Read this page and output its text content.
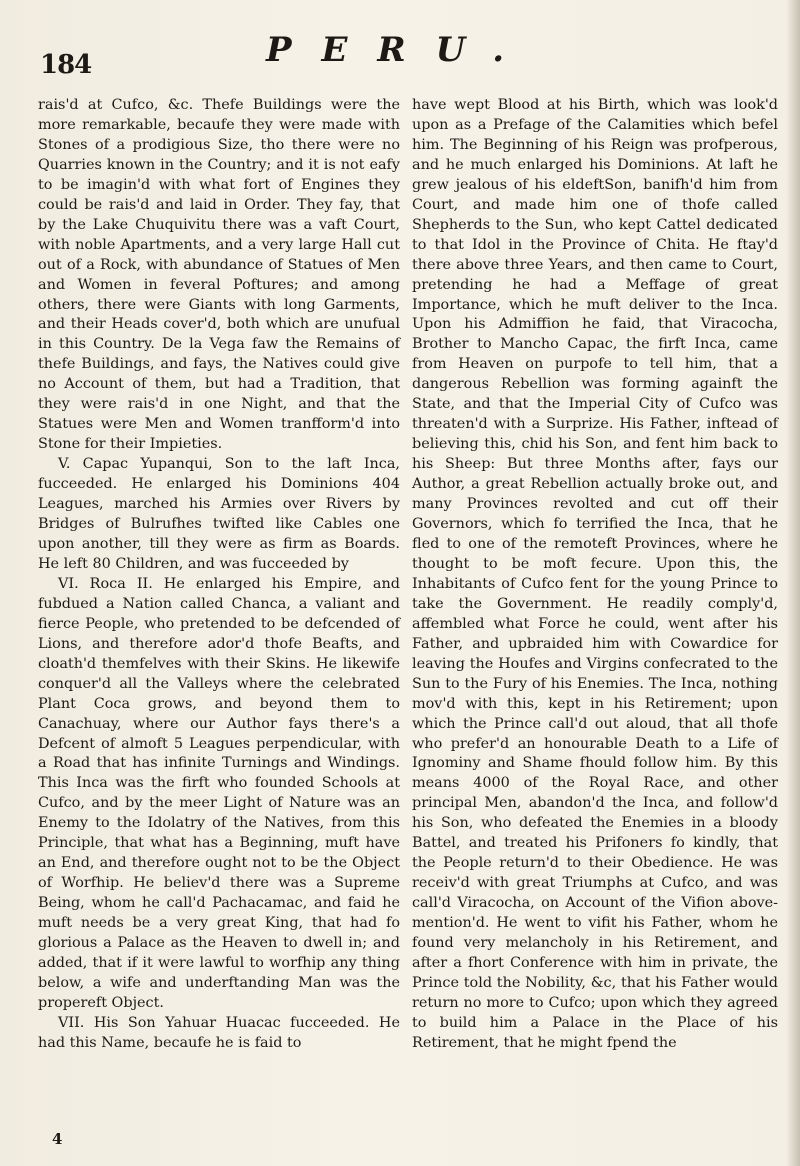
184	PERU.

rais'd at Cufco, &c. Thefe Buildings were the more remarkable, becaufe they were made with Stones of a prodigious Size, tho there were no Quarries known in the Country; and it is not eafy to be imagin'd with what fort of Engines they could be rais'd and laid in Order. They fay, that by the Lake Chuquivitu there was a vaft Court, with noble Apartments, and a very large Hall cut out of a Rock, with abundance of Statues of Men and Women in feveral Poftures; and among others, there were Giants with long Garments, and their Heads cover'd, both which are unufual in this Country. De la Vega faw the Remains of thefe Buildings, and fays, the Natives could give no Account of them, but had a Tradition, that they were rais'd in one Night, and that the Statues were Men and Women tranfform'd into Stone for their Impieties.

V. Capac Yupanqui, Son to the laft Inca, fucceeded. He enlarged his Dominions 404 Leagues, marched his Armies over Rivers by Bridges of Bulrufhes twifted like Cables one upon another, till they were as firm as Boards. He left 80 Children, and was fucceeded by

VI. Roca II. He enlarged his Empire, and fubdued a Nation called Chanca, a valiant and fierce People, who pretended to be defcended of Lions, and therefore ador'd thofe Beafts, and cloath'd themfelves with their Skins. He likewife conquer'd all the Valleys where the celebrated Plant Coca grows, and beyond them to Canachuay, where our Author fays there's a Defcent of almoft 5 Leagues perpendicular, with a Road that has infinite Turnings and Windings. This Inca was the firft who founded Schools at Cufco, and by the meer Light of Nature was an Enemy to the Idolatry of the Natives, from this Principle, that what has a Beginning, muft have an End, and therefore ought not to be the Object of Worfhip. He believ'd there was a Supreme Being, whom he call'd Pachacamac, and faid he muft needs be a very great King, that had fo glorious a Palace as the Heaven to dwell in; and added, that if it were lawful to worfhip any thing below, a wife and underftanding Man was the propereft Object.

VII. His Son Yahuar Huacac fucceeded. He had this Name, becaufe he is faid to

have wept Blood at his Birth, which was look'd upon as a Prefage of the Calamities which befel him. The Beginning of his Reign was profperous, and he much enlarged his Dominions. At laft he grew jealous of his eldeftSon, banifh'd him from Court, and made him one of thofe called Shepherds to the Sun, who kept Cattel dedicated to that Idol in the Province of Chita. He ftay'd there above three Years, and then came to Court, pretending he had a Meffage of great Importance, which he muft deliver to the Inca. Upon his Admiffion he faid, that Viracocha, Brother to Mancho Capac, the firft Inca, came from Heaven on purpofe to tell him, that a dangerous Rebellion was forming againft the State, and that the Imperial City of Cufco was threaten'd with a Surprize. His Father, inftead of believing this, chid his Son, and fent him back to his Sheep: But three Months after, fays our Author, a great Rebellion actually broke out, and many Provinces revolted and cut off their Governors, which fo terrified the Inca, that he fled to one of the remoteft Provinces, where he thought to be moft fecure. Upon this, the Inhabitants of Cufco fent for the young Prince to take the Government. He readily comply'd, affembled what Force he could, went after his Father, and upbraided him with Cowardice for leaving the Houfes and Virgins confecrated to the Sun to the Fury of his Enemies. The Inca, nothing mov'd with this, kept in his Retirement; upon which the Prince call'd out aloud, that all thofe who prefer'd an honourable Death to a Life of Ignominy and Shame fhould follow him. By this means 4000 of the Royal Race, and other principal Men, abandon'd the Inca, and follow'd his Son, who defeated the Enemies in a bloody Battel, and treated his Prifoners fo kindly, that the People return'd to their Obedience. He was receiv'd with great Triumphs at Cufco, and was call'd Viracocha, on Account of the Vifion above-mention'd. He went to vifit his Father, whom he found very melancholy in his Retirement, and after a fhort Conference with him in private, the Prince told the Nobility, &c, that his Father would return no more to Cufco; upon which they agreed to build him a Palace in the Place of his Retirement, that he might fpend the

4
